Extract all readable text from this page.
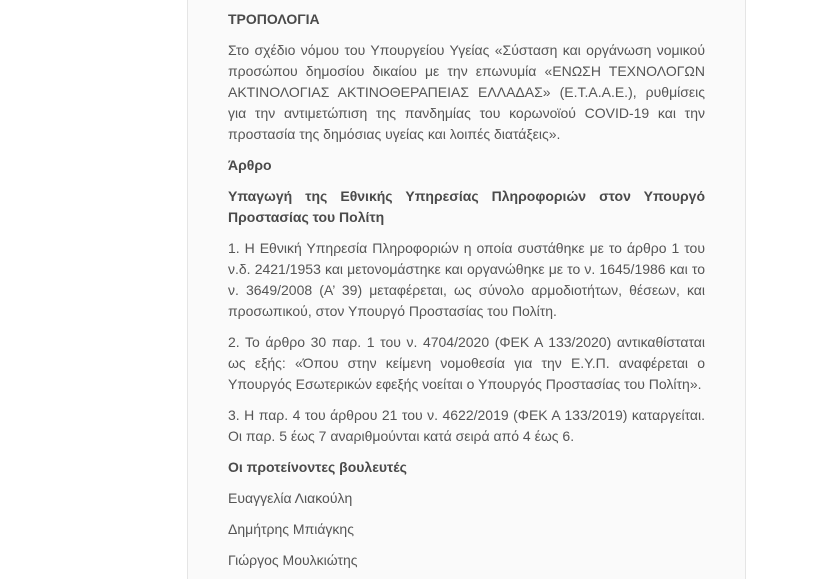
ΤΡΟΠΟΛΟΓΙΑ

Στο σχέδιο νόμου του Υπουργείου Υγείας «Σύσταση και οργάνωση νομικού προσώπου δημοσίου δικαίου με την επωνυμία «ΕΝΩΣΗ ΤΕΧΝΟΛΟΓΩΝ ΑΚΤΙΝΟΛΟΓΙΑΣ ΑΚΤΙΝΟΘΕΡΑΠΕΙΑΣ ΕΛΛΑΔΑΣ» (Ε.Τ.Α.Α.Ε.), ρυθμίσεις για την αντιμετώπιση της πανδημίας του κορωνοϊού COVID-19 και την προστασία της δημόσιας υγείας και λοιπές διατάξεις».

Άρθρο

Υπαγωγή της Εθνικής Υπηρεσίας Πληροφοριών στον Υπουργό Προστασίας του Πολίτη

1. Η Εθνική Υπηρεσία Πληροφοριών η οποία συστάθηκε με το άρθρο 1 του ν.δ. 2421/1953 και μετονομάστηκε και οργανώθηκε με το ν. 1645/1986 και το ν. 3649/2008 (Α’ 39) μεταφέρεται, ως σύνολο αρμοδιοτήτων, θέσεων, και προσωπικού, στον Υπουργό Προστασίας του Πολίτη.

2. Το άρθρο 30 παρ. 1 του ν. 4704/2020 (ΦΕΚ Α 133/2020) αντικαθίσταται ως εξής: «Όπου στην κείμενη νομοθεσία για την Ε.Υ.Π. αναφέρεται ο Υπουργός Εσωτερικών εφεξής νοείται ο Υπουργός Προστασίας του Πολίτη».

3. Η παρ. 4 του άρθρου 21 του ν. 4622/2019 (ΦΕΚ Α 133/2019) καταργείται. Οι παρ. 5 έως 7 αναριθμούνται κατά σειρά από 4 έως 6.

Οι προτείνοντες βουλευτές

Ευαγγελία Λιακούλη

Δημήτρης Μπιάγκης

Γιώργος Μουλκιώτης
